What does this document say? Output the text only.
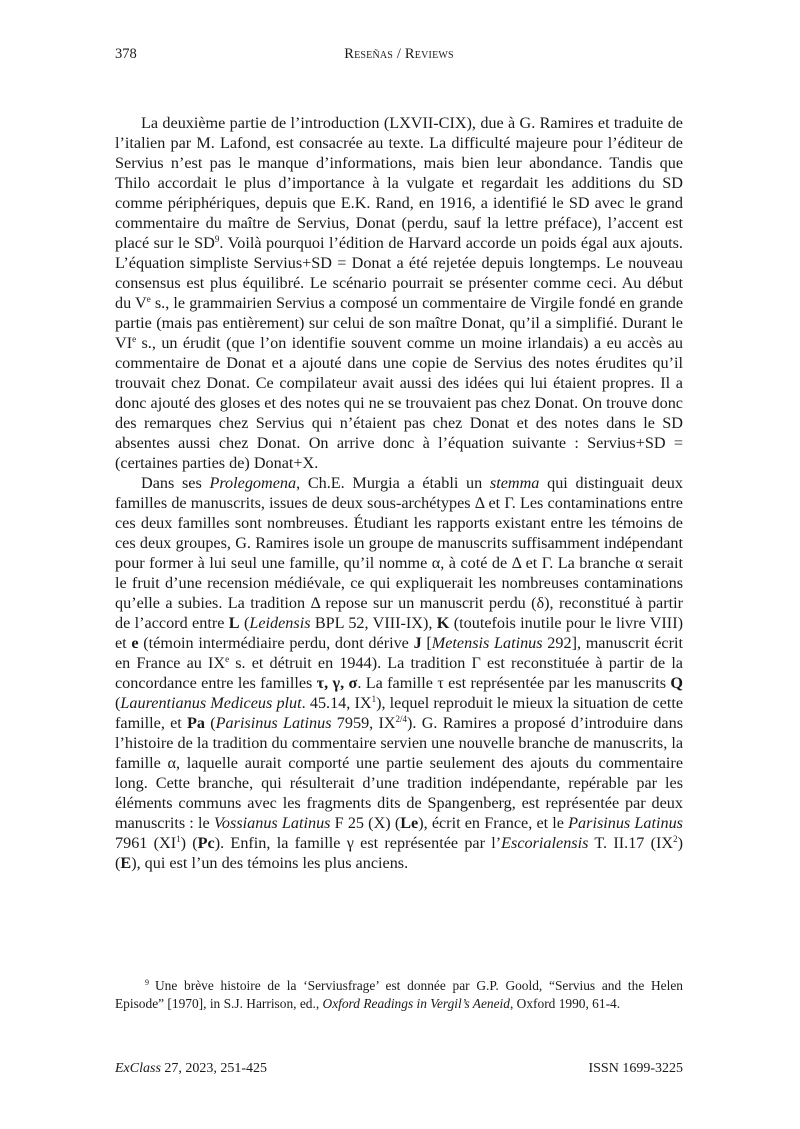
378	Reseñas / Reviews

La deuxième partie de l’introduction (LXVII-CIX), due à G. Ramires et traduite de l’italien par M. Lafond, est consacrée au texte. La difficulté majeure pour l’éditeur de Servius n’est pas le manque d’informations, mais bien leur abondance. Tandis que Thilo accordait le plus d’importance à la vulgate et regardait les additions du SD comme périphériques, depuis que E.K. Rand, en 1916, a identifié le SD avec le grand commentaire du maître de Servius, Donat (perdu, sauf la lettre préface), l’accent est placé sur le $SD^9$. Voilà pourquoi l’édition de Harvard accorde un poids égal aux ajouts. L’équation simpliste Servius+SD = Donat a été rejetée depuis longtemps. Le nouveau consensus est plus équilibré. Le scénario pourrait se présenter comme ceci. Au début du Ve s., le grammairien Servius a composé un commentaire de Virgile fondé en grande partie (mais pas entièrement) sur celui de son maître Donat, qu’il a simplifié. Durant le VIe s., un érudit (que l’on identifie souvent comme un moine irlandais) a eu accès au commentaire de Donat et a ajouté dans une copie de Servius des notes érudites qu’il trouvait chez Donat. Ce compilateur avait aussi des idées qui lui étaient propres. Il a donc ajouté des gloses et des notes qui ne se trouvaient pas chez Donat. On trouve donc des remarques chez Servius qui n’étaient pas chez Donat et des notes dans le SD absentes aussi chez Donat. On arrive donc à l’équation suivante : Servius+SD = (certaines parties de) Donat+X.

Dans ses Prolegomena, Ch.E. Murgia a établi un stemma qui distinguait deux familles de manuscrits, issues de deux sous-archétypes Δ et Γ. Les contaminations entre ces deux familles sont nombreuses. Étudiant les rapports existant entre les témoins de ces deux groupes, G. Ramires isole un groupe de manuscrits suffisamment indépendant pour former à lui seul une famille, qu’il nomme α, à coté de Δ et Γ. La branche α serait le fruit d’une recension médiévale, ce qui expliquerait les nombreuses contaminations qu’elle a subies. La tradition Δ repose sur un manuscrit perdu (δ), reconstitué à partir de l’accord entre L (Leidensis BPL 52, VIII-IX), K (toutefois inutile pour le livre VIII) et e (témoin intermédiaire perdu, dont dérive J [Metensis Latinus 292], manuscrit écrit en France au IXe s. et détruit en 1944). La tradition Γ est reconstituée à partir de la concordance entre les familles τ, γ, σ. La famille τ est représentée par les manuscrits Q (Laurentianus Mediceus plut. 45.14, $IX^1$), lequel reproduit le mieux la situation de cette famille, et Pa (Parisinus Latinus 7959, $IX^{2/4}$). G. Ramires a proposé d’introduire dans l’histoire de la tradition du commentaire servien une nouvelle branche de manuscrits, la famille α, laquelle aurait comporté une partie seulement des ajouts du commentaire long. Cette branche, qui résulterait d’une tradition indépendante, repérable par les éléments communs avec les fragments dits de Spangenberg, est représentée par deux manuscrits : le Vossianus Latinus F 25 (X) (Le), écrit en France, et le Parisinus Latinus 7961 $(XI^1)$ (Pc). Enfin, la famille γ est représentée par l’Escorialensis T. II.17 $(IX^2)$ (E), qui est l’un des témoins les plus anciens.

$^9$ Une brève histoire de la ‘Serviusfrage’ est donnée par G.P. Goold, “Servius and the Helen Episode” [1970], in S.J. Harrison, ed., Oxford Readings in Vergil’s Aeneid, Oxford 1990, 61-4.
ExClass 27, 2023, 251-425	ISSN 1699-3225
